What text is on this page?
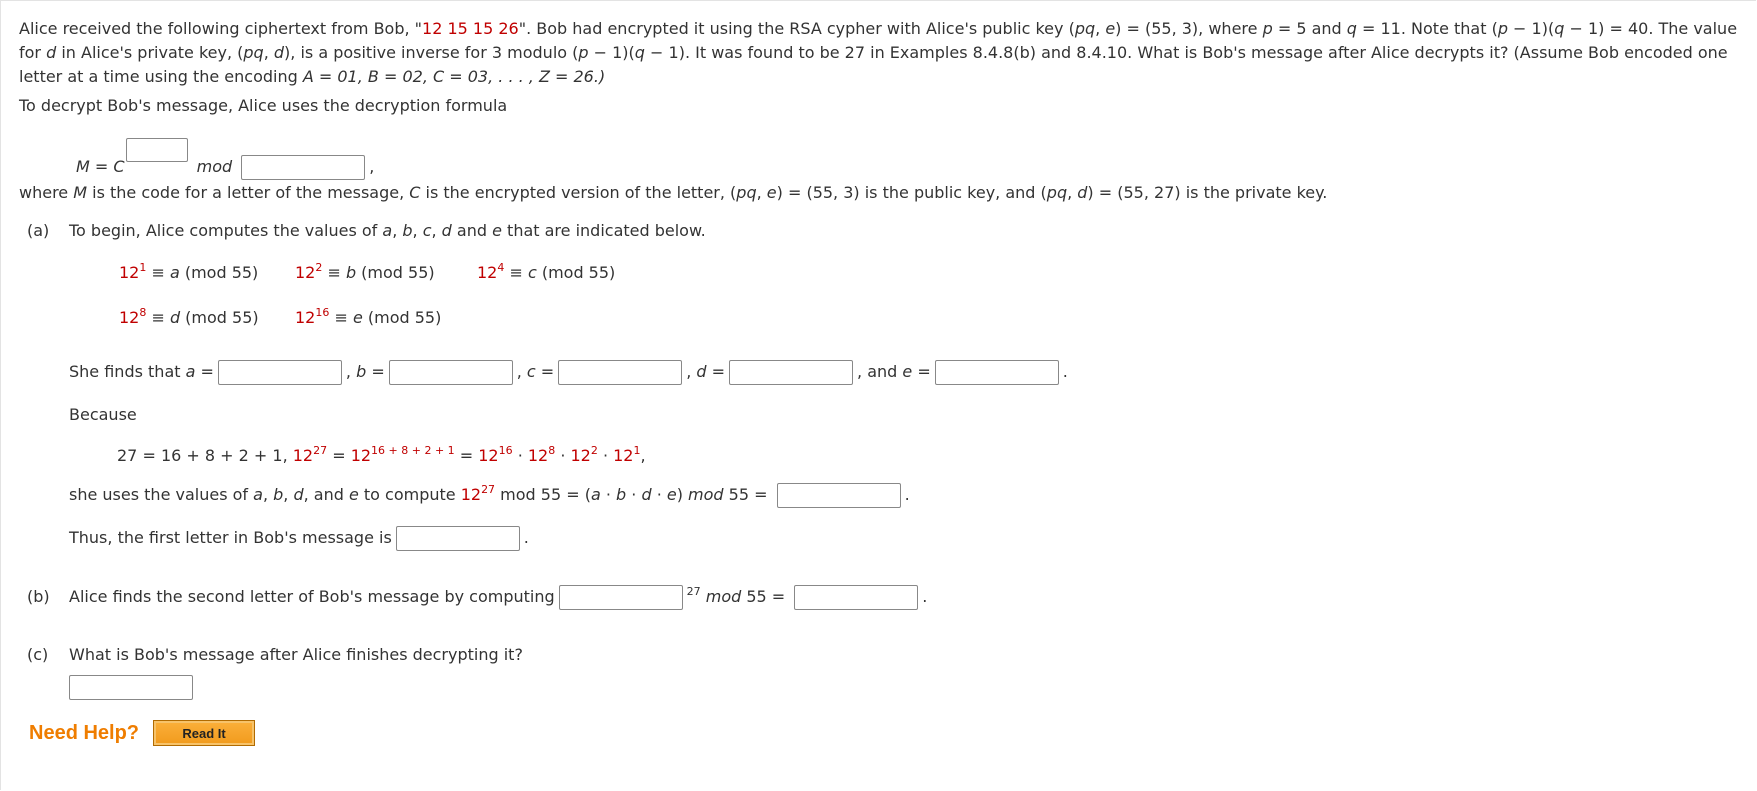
Alice received the following ciphertext from Bob, "12 15 15 26". Bob had encrypted it using the RSA cypher with Alice's public key (pq, e) = (55, 3), where p = 5 and q = 11. Note that (p − 1)(q − 1) = 40. The value for d in Alice's private key, (pq, d), is a positive inverse for 3 modulo (p − 1)(q − 1). It was found to be 27 in Examples 8.4.8(b) and 8.4.10. What is Bob's message after Alice decrypts it? (Assume Bob encoded one letter at a time using the encoding A = 01, B = 02, C = 03, . . . , Z = 26.)
To decrypt Bob's message, Alice uses the decryption formula
M = C	mod	,
where M is the code for a letter of the message, C is the encrypted version of the letter, (pq, e) = (55, 3) is the public key, and (pq, d) = (55, 27) is the private key.
(a) To begin, Alice computes the values of a, b, c, d and e that are indicated below.
$12^1 \equiv a$ (mod 55) $12^2 \equiv b$ (mod 55)	$12^4 \equiv c$ (mod 55)
$12^8 \equiv d$ (mod 55) $12^{16} \equiv e$ (mod 55)
She finds that a =	, b =	, c =	, d =	, and e =	.
Because
27 = 16 + 8 + 2 + 1, $12^{27} = 12^{16 + 8 + 2 + 1} = 12^{16} \cdot 12^8 \cdot 12^2 \cdot 12^1$,
she uses the values of a, b, d, and e to compute $12^{27}$ mod 55 = (a · b · d · e) mod 55 =	.
Thus, the first letter in Bob's message is	.
(b) Alice finds the second letter of Bob's message by computing	$^{27}$ mod 55 =	.
(c) What is Bob's message after Alice finishes decrypting it?
Need Help?	Read It
